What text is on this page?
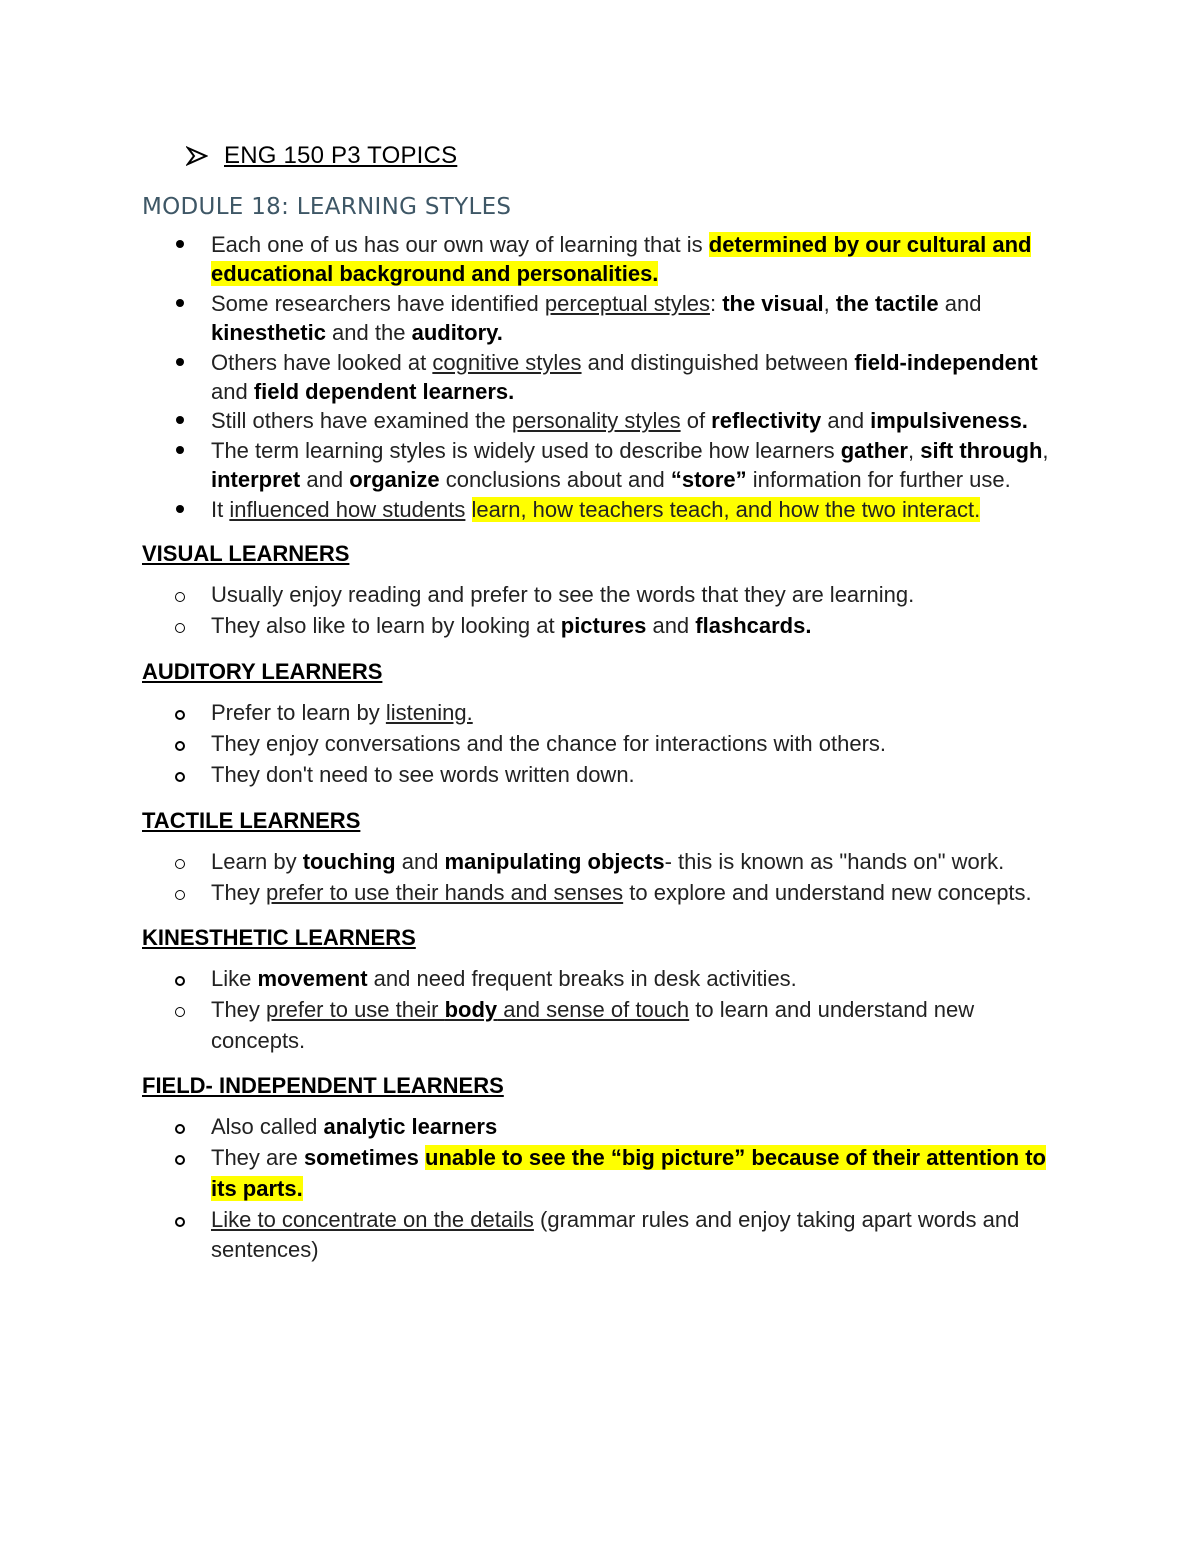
ENG 150 P3 TOPICS
MODULE 18: LEARNING STYLES
Each one of us has our own way of learning that is determined by our cultural and educational background and personalities.
Some researchers have identified perceptual styles: the visual, the tactile and kinesthetic and the auditory.
Others have looked at cognitive styles and distinguished between field-independent and field dependent learners.
Still others have examined the personality styles of reflectivity and impulsiveness.
The term learning styles is widely used to describe how learners gather, sift through, interpret and organize conclusions about and “store” information for further use.
It influenced how students learn, how teachers teach, and how the two interact.
VISUAL LEARNERS
Usually enjoy reading and prefer to see the words that they are learning.
They also like to learn by looking at pictures and flashcards.
AUDITORY LEARNERS
Prefer to learn by listening.
They enjoy conversations and the chance for interactions with others.
They don't need to see words written down.
TACTILE LEARNERS
Learn by touching and manipulating objects- this is known as "hands on" work.
They prefer to use their hands and senses to explore and understand new concepts.
KINESTHETIC LEARNERS
Like movement and need frequent breaks in desk activities.
They prefer to use their body and sense of touch to learn and understand new concepts.
FIELD- INDEPENDENT LEARNERS
Also called analytic learners
They are sometimes unable to see the “big picture” because of their attention to its parts.
Like to concentrate on the details (grammar rules and enjoy taking apart words and sentences)
